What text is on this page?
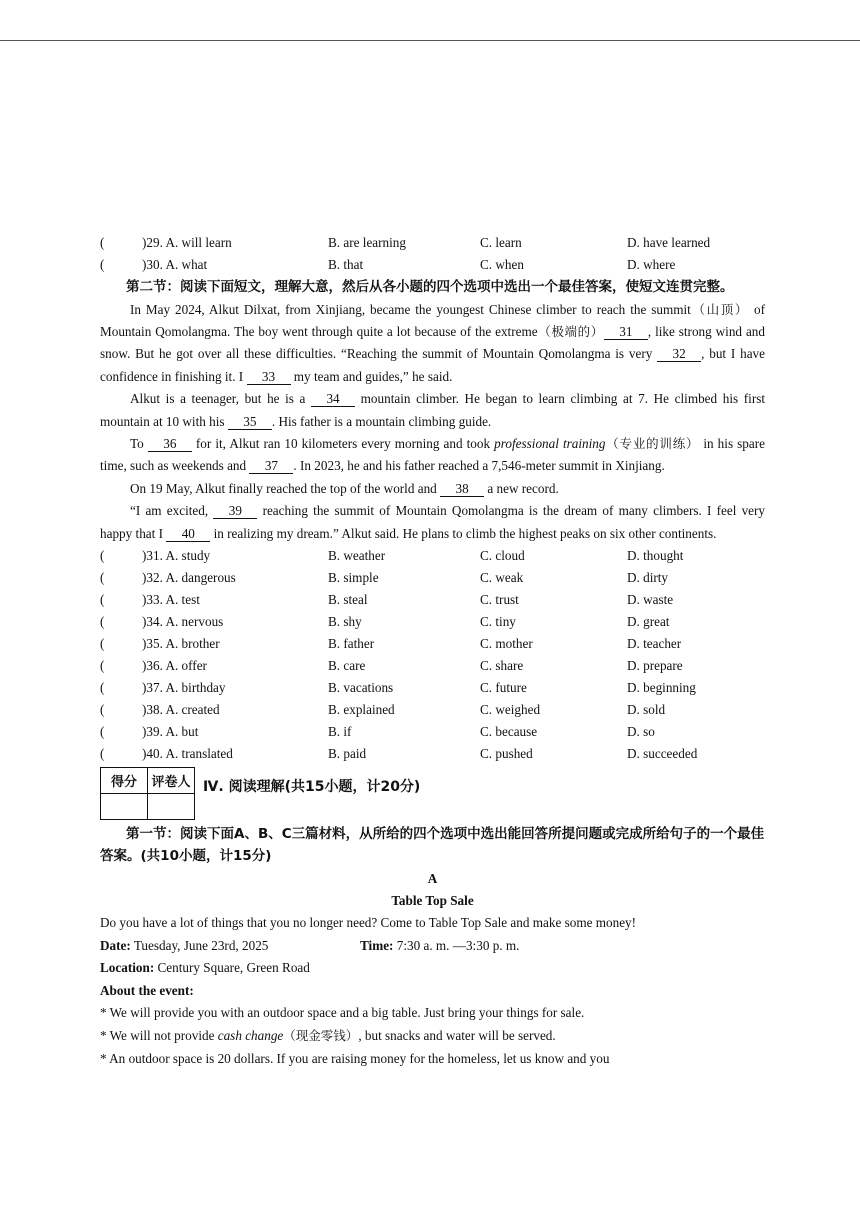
(	)29. A. will learn	B. are learning	C. learn	D. have learned
(	)30. A. what	B. that	C. when	D. where

第二节：阅读下面短文，理解大意，然后从各小题的四个选项中选出一个最佳答案，使短文连贯完整。

In May 2024, Alkut Dilxat, from Xinjiang, became the youngest Chinese climber to reach the summit（山顶） of Mountain Qomolangma. The boy went through quite a lot because of the extreme（极端的） 31 , like strong wind and snow. But he got over all these difficulties. “Reaching the summit of Mountain Qomolangma is very 32 , but I have confidence in finishing it. I 33 my team and guides,” he said.

Alkut is a teenager, but he is a 34 mountain climber. He began to learn climbing at 7. He climbed his first mountain at 10 with his 35 . His father is a mountain climbing guide.

To 36 for it, Alkut ran 10 kilometers every morning and took professional training（专业的训练） in his spare time, such as weekends and 37 . In 2023, he and his father reached a 7,546-meter summit in Xinjiang.

On 19 May, Alkut finally reached the top of the world and 38 a new record.

“I am excited, 39 reaching the summit of Mountain Qomolangma is the dream of many climbers. I feel very happy that I 40 in realizing my dream.” Alkut said. He plans to climb the highest peaks on six other continents.

(	)31. A. study	B. weather	C. cloud	D. thought
(	)32. A. dangerous	B. simple	C. weak	D. dirty
(	)33. A. test	B. steal	C. trust	D. waste
(	)34. A. nervous	B. shy	C. tiny	D. great
(	)35. A. brother	B. father	C. mother	D. teacher
(	)36. A. offer	B. care	C. share	D. prepare
(	)37. A. birthday	B. vacations	C. future	D. beginning
(	)38. A. created	B. explained	C. weighed	D. sold
(	)39. A. but	B. if	C. because	D. so
(	)40. A. translated	B. paid	C. pushed	D. succeeded
得分	评卷人
	Ⅳ. 阅读理解(共15小题，计20分)

第一节：阅读下面A、B、C三篇材料，从所给的四个选项中选出能回答所提问题或完成所给句子的一个最佳答案。(共10小题，计15分)

A
Table Top Sale
Do you have a lot of things that you no longer need? Come to Table Top Sale and make some money!
Date: Tuesday, June 23rd, 2025	Time: 7:30 a. m. —3:30 p. m.
Location: Century Square, Green Road
About the event:
* We will provide you with an outdoor space and a big table. Just bring your things for sale.
* We will not provide cash change（现金零钱）, but snacks and water will be served.
* An outdoor space is 20 dollars. If you are raising money for the homeless, let us know and you
